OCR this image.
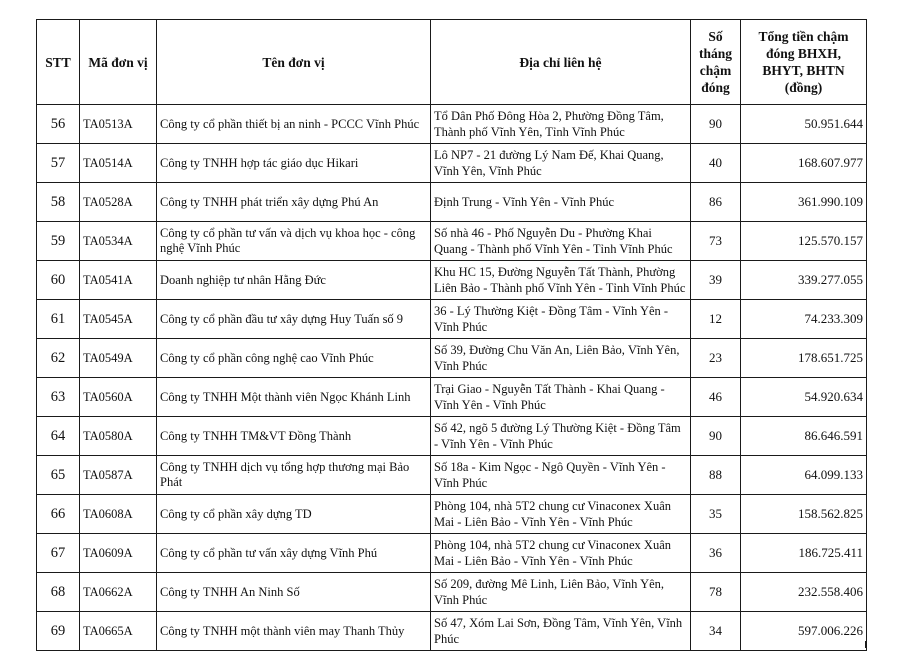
STT	Mã đơn vị	Tên đơn vị	Địa chỉ liên hệ	Số tháng chậm đóng	Tổng tiền chậm đóng BHXH, BHYT, BHTN (đồng)
56	TA0513A	Công ty cổ phần thiết bị an ninh - PCCC Vĩnh Phúc	Tổ Dân Phố Đông Hòa 2, Phường Đồng Tâm, Thành phố Vĩnh Yên, Tỉnh Vĩnh Phúc	90	50.951.644
57	TA0514A	Công ty TNHH hợp tác giáo dục Hikari	Lô NP7 - 21 đường Lý Nam Đế, Khai Quang, Vĩnh Yên, Vĩnh Phúc	40	168.607.977
58	TA0528A	Công ty TNHH phát triển xây dựng Phú An	Định Trung - Vĩnh Yên - Vĩnh Phúc	86	361.990.109
59	TA0534A	Công ty cổ phần tư vấn và dịch vụ khoa học - công nghệ Vĩnh Phúc	Số nhà 46 - Phố Nguyễn Du - Phường Khai Quang - Thành phố Vĩnh Yên - Tỉnh Vĩnh Phúc	73	125.570.157
60	TA0541A	Doanh nghiệp tư nhân Hằng Đức	Khu HC 15, Đường Nguyễn Tất Thành, Phường Liên Bảo - Thành phố Vĩnh Yên - Tỉnh Vĩnh Phúc	39	339.277.055
61	TA0545A	Công ty cổ phần đầu tư xây dựng Huy Tuấn số 9	36 - Lý Thường Kiệt - Đồng Tâm - Vĩnh Yên - Vĩnh Phúc	12	74.233.309
62	TA0549A	Công ty cổ phần công nghệ cao Vĩnh Phúc	Số 39, Đường Chu Văn An, Liên Bảo, Vĩnh Yên, Vĩnh Phúc	23	178.651.725
63	TA0560A	Công ty TNHH Một thành viên Ngọc Khánh Linh	Trại Giao - Nguyễn Tất Thành - Khai Quang - Vĩnh Yên - Vĩnh Phúc	46	54.920.634
64	TA0580A	Công ty TNHH TM&VT Đồng Thành	Số 42, ngõ 5 đường Lý Thường Kiệt - Đồng Tâm - Vĩnh Yên - Vĩnh Phúc	90	86.646.591
65	TA0587A	Công ty TNHH dịch vụ tổng hợp thương mại Bảo Phát	Số 18a - Kim Ngọc - Ngô Quyền - Vĩnh Yên - Vĩnh Phúc	88	64.099.133
66	TA0608A	Công ty cổ phần xây dựng TD	Phòng 104, nhà 5T2 chung cư Vinaconex Xuân Mai - Liên Bảo - Vĩnh Yên - Vĩnh Phúc	35	158.562.825
67	TA0609A	Công ty cổ phần tư vấn xây dựng Vĩnh Phú	Phòng 104, nhà 5T2 chung cư Vinaconex Xuân Mai - Liên Bảo - Vĩnh Yên - Vĩnh Phúc	36	186.725.411
68	TA0662A	Công ty TNHH An Ninh Số	Số 209, đường Mê Linh, Liên Bảo, Vĩnh Yên, Vĩnh Phúc	78	232.558.406
69	TA0665A	Công ty TNHH một thành viên may Thanh Thủy	Số 47, Xóm Lai Sơn, Đồng Tâm, Vĩnh Yên, Vĩnh Phúc	34	597.006.226
